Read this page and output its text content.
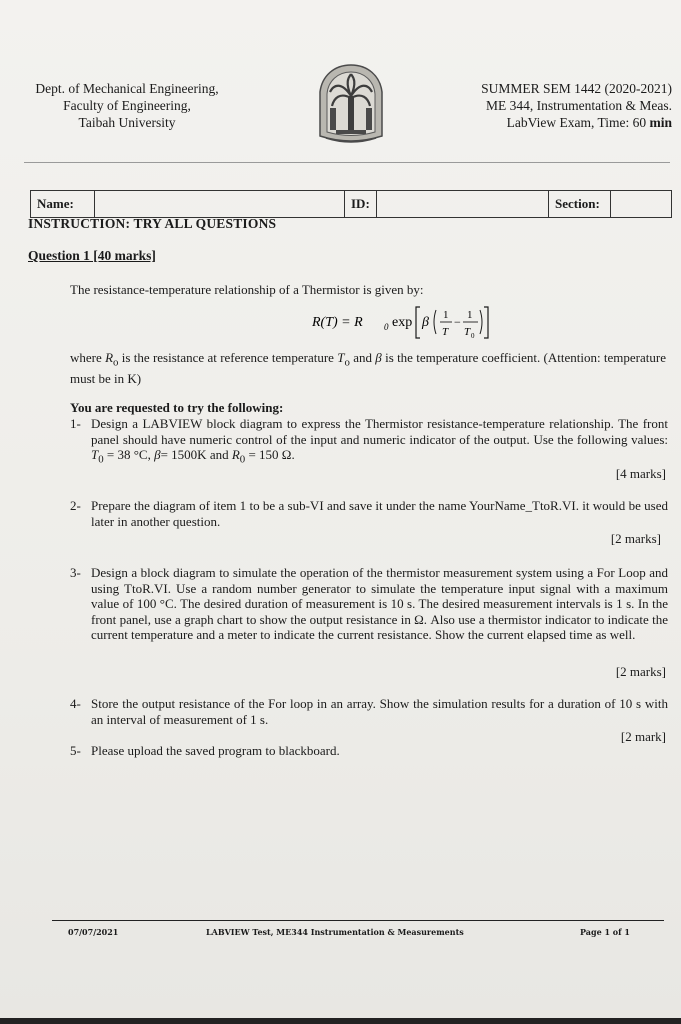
Dept. of Mechanical Engineering,
Faculty of Engineering,
Taibah University
SUMMER SEM 1442 (2020-2021)
ME 344, Instrumentation & Meas.
LabView Exam, Time: 60 min
Name:	ID:	Section:
INSTRUCTION: TRY ALL QUESTIONS
Question 1 [40 marks]
The resistance-temperature relationship of a Thermistor is given by:
R(T) = R 0 exp β 1
T
− 1
T 0
where $R_o$ is the resistance at reference temperature $T_o$ and β is the temperature coefficient. (Attention: temperature must be in K)
You are requested to try the following:
1- Design a LABVIEW block diagram to express the Thermistor resistance-temperature relationship. The front panel should have numeric control of the input and numeric indicator of the output. Use the following values: $T_0 = 38$ °C, β= 1500K and $R_0 = 150$ Ω.
[4 marks]
2- Prepare the diagram of item 1 to be a sub-VI and save it under the name YourName_TtoR.VI. it would be used later in another question.
[2 marks]
3- Design a block diagram to simulate the operation of the thermistor measurement system using a For Loop and using TtoR.VI. Use a random number generator to simulate the temperature input signal with a maximum value of 100 °C. The desired duration of measurement is 10 s. The desired measurement intervals is 1 s. In the front panel, use a graph chart to show the output resistance in Ω. Also use a thermistor indicator to indicate the current temperature and a meter to indicate the current resistance. Show the current elapsed time as well.
[2 marks]
4- Store the output resistance of the For loop in an array. Show the simulation results for a duration of 10 s with an interval of measurement of 1 s.
[2 mark]
5- Please upload the saved program to blackboard.
07/07/2021	LABVIEW Test, ME344 Instrumentation & Measurements	Page 1 of 1
